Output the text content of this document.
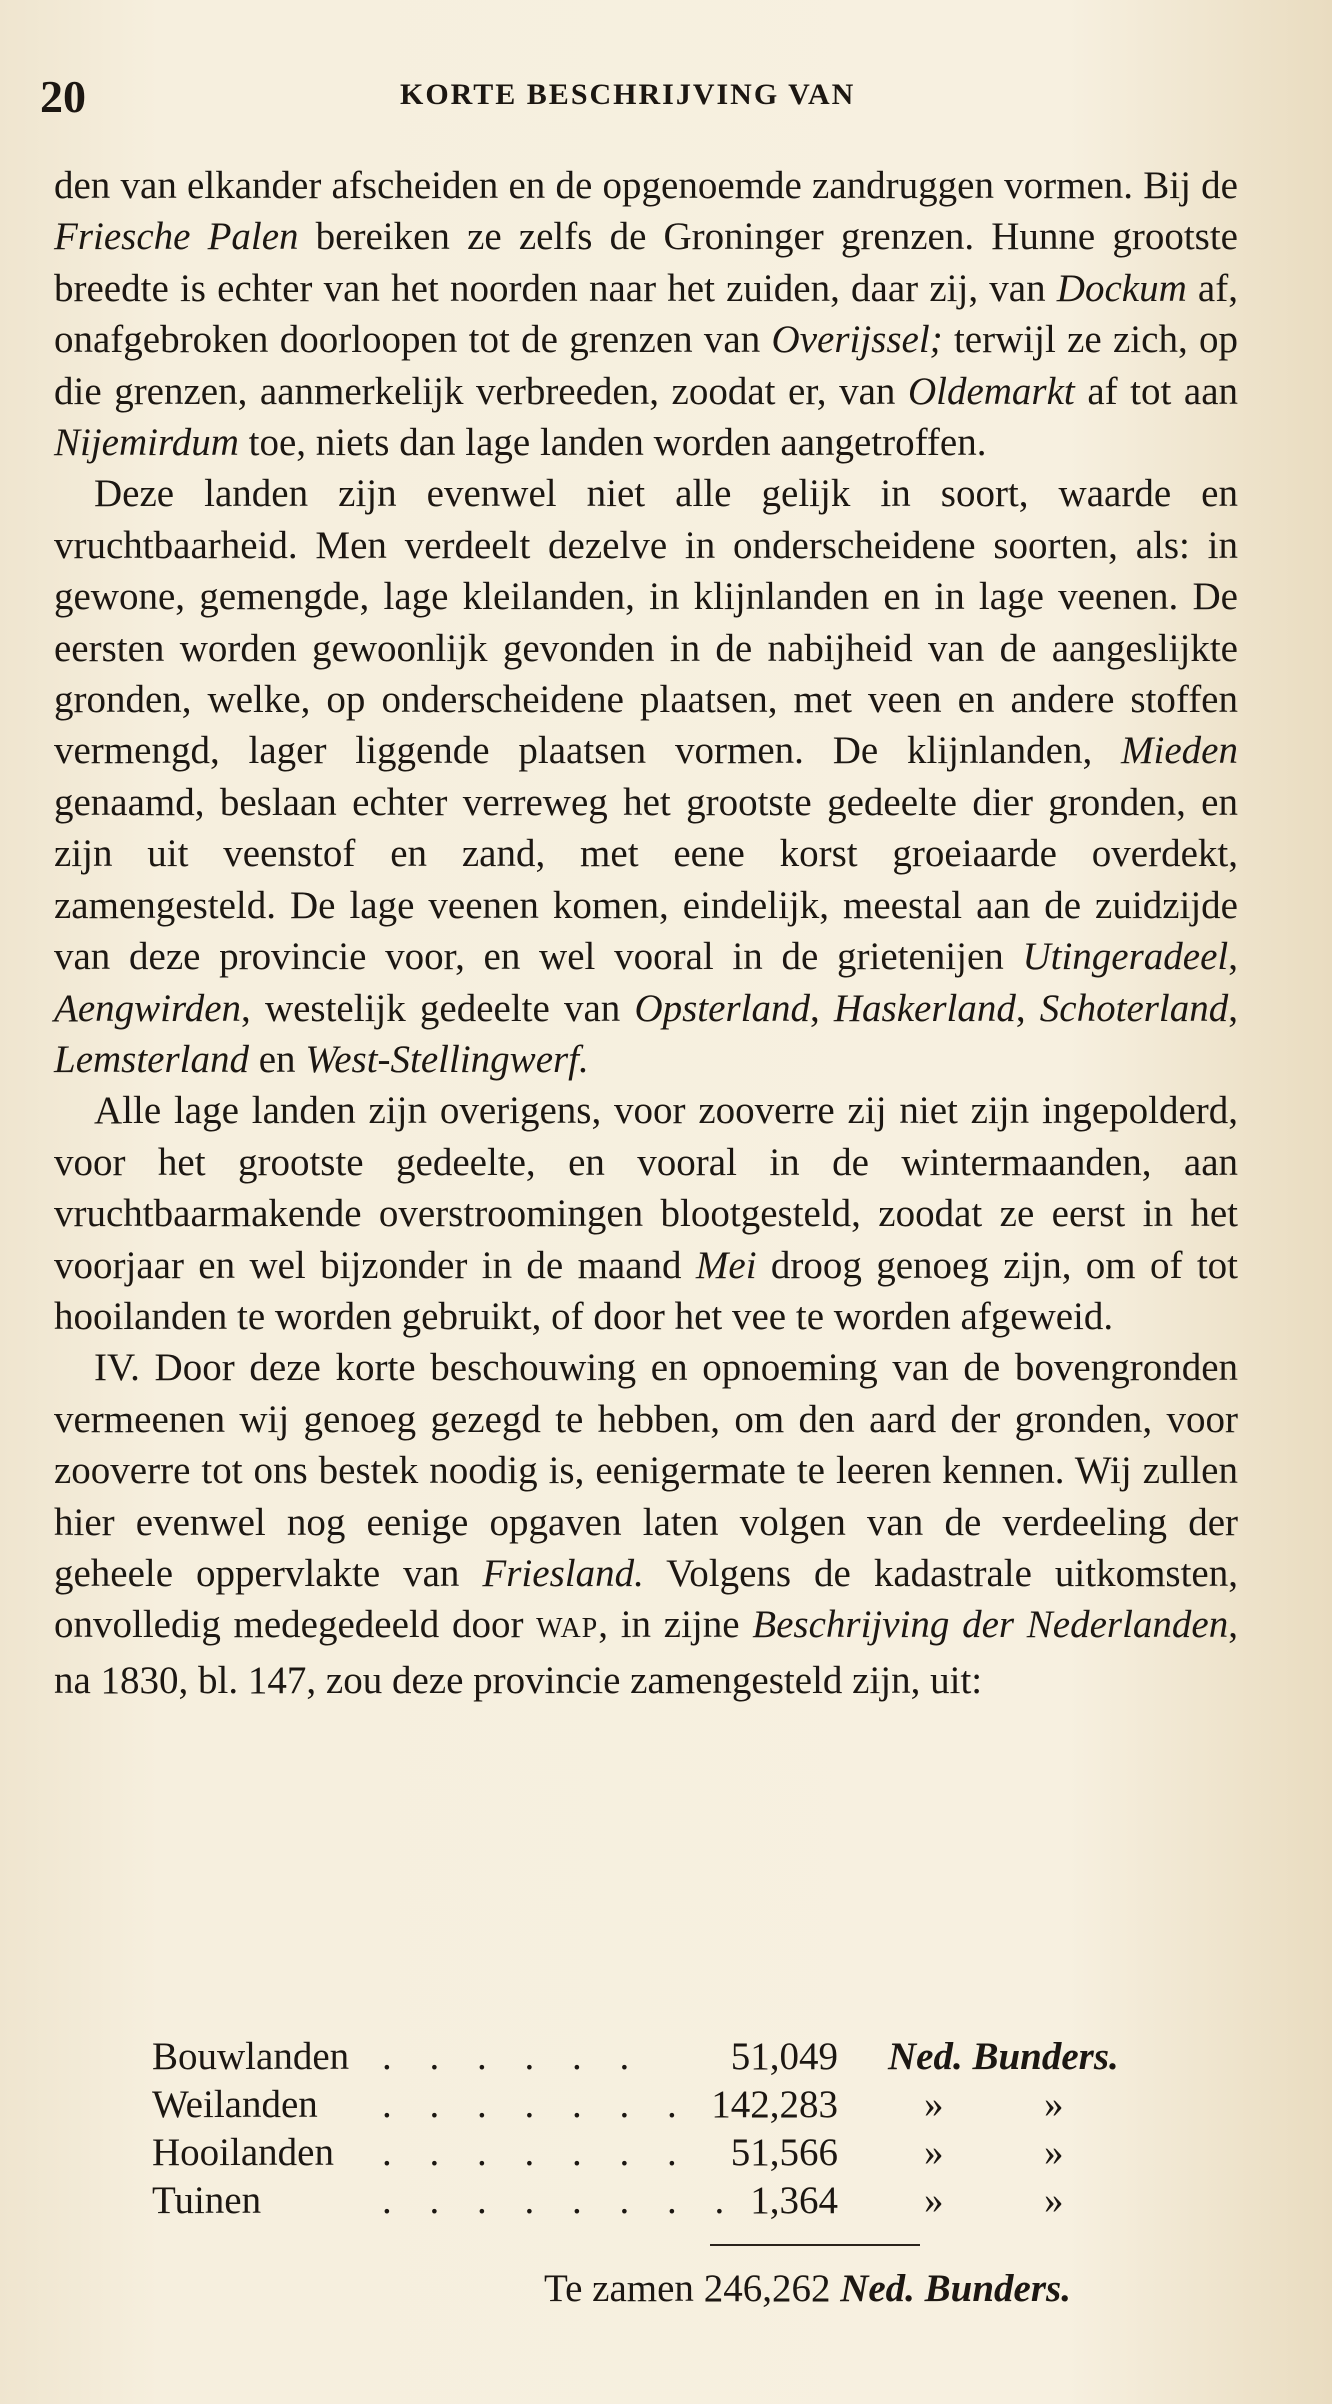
20	KORTE BESCHRIJVING VAN

den van elkander afscheiden en de opgenoemde zandruggen vormen. Bij de Friesche Palen bereiken ze zelfs de Groninger grenzen. Hunne grootste breedte is echter van het noorden naar het zuiden, daar zij, van Dockum af, onafgebroken doorloopen tot de grenzen van Overijssel; terwijl ze zich, op die grenzen, aanmerkelijk verbreeden, zoodat er, van Oldemarkt af tot aan Nijemirdum toe, niets dan lage landen worden aangetroffen.

Deze landen zijn evenwel niet alle gelijk in soort, waarde en vruchtbaarheid. Men verdeelt dezelve in onderscheidene soorten, als: in gewone, gemengde, lage kleilanden, in klijnlanden en in lage veenen. De eersten worden gewoonlijk gevonden in de nabijheid van de aangeslijkte gronden, welke, op onderscheidene plaatsen, met veen en andere stoffen vermengd, lager liggende plaatsen vormen. De klijnlanden, Mieden genaamd, beslaan echter verreweg het grootste gedeelte dier gronden, en zijn uit veenstof en zand, met eene korst groeiaarde overdekt, zamengesteld. De lage veenen komen, eindelijk, meestal aan de zuidzijde van deze provincie voor, en wel vooral in de grietenijen Utingeradeel, Aengwirden, westelijk gedeelte van Opsterland, Haskerland, Schoterland, Lemsterland en West-Stellingwerf.

Alle lage landen zijn overigens, voor zooverre zij niet zijn ingepolderd, voor het grootste gedeelte, en vooral in de wintermaanden, aan vruchtbaarmakende overstroomingen blootgesteld, zoodat ze eerst in het voorjaar en wel bijzonder in de maand Mei droog genoeg zijn, om of tot hooilanden te worden gebruikt, of door het vee te worden afgeweid.

IV. Door deze korte beschouwing en opnoeming van de bovengronden vermeenen wij genoeg gezegd te hebben, om den aard der gronden, voor zooverre tot ons bestek noodig is, eenigermate te leeren kennen. Wij zullen hier evenwel nog eenige opgaven laten volgen van de verdeeling der geheele oppervlakte van Friesland. Volgens de kadastrale uitkomsten, onvolledig medegedeeld door WAP, in zijne Beschrijving der Nederlanden, na 1830, bl. 147, zou deze provincie zamengesteld zijn, uit:

Bouwlanden . . . . . .	51,049 Ned. Bunders.
Weilanden . . . . . . . 142,283 »	»
Hooilanden . . . . . . .	51,566 »	»
Tuinen	. . . . . . . . 1,364 »	»
Te zamen 246,262 Ned. Bunders.
